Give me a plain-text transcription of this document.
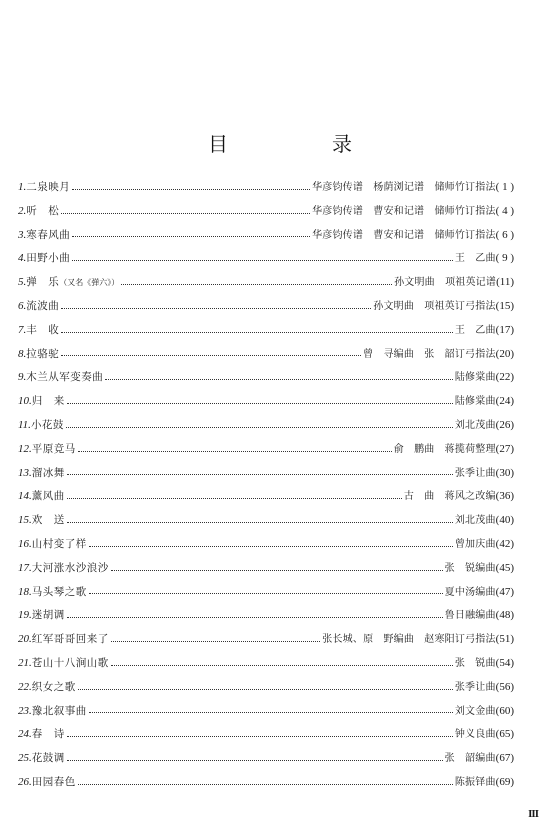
目　录
1. 二泉映月	华彦钧传谱　杨荫浏记谱　储师竹订指法 ( 1 )
2. 听　松	华彦钧传谱　曹安和记谱　储师竹订指法 ( 4 )
3. 寒春风曲	华彦钧传谱　曹安和记谱　储师竹订指法 ( 6 )
4. 田野小曲	王　乙曲 ( 9 )
5. 弹　乐 （又名《弹六》）	孙文明曲　项祖英记谱 (11)
6. 流波曲	孙文明曲　项祖英订弓指法 (15)
7. 丰　收	王　乙曲 (17)
8. 拉骆驼	曾　寻编曲　张　韶订弓指法 (20)
9. 木兰从军变奏曲	陆修棠曲 (22)
10. 归　来	陆修棠曲 (24)
11. 小花鼓	刘北茂曲 (26)
12. 平原竞马	俞　鹏曲　蒋揽荷整理 (27)
13. 溜冰舞	张季让曲 (30)
14. 薰风曲	古　曲　蒋风之改编 (36)
15. 欢　送	刘北茂曲 (40)
16. 山村变了样	曾加庆曲 (42)
17. 大河涨水沙浪沙	张　锐编曲 (45)
18. 马头琴之歌	夏中汤编曲 (47)
19. 迷胡调	鲁日融编曲 (48)
20. 红军哥哥回来了	张长城、原　野编曲　赵寒阳订弓指法 (51)
21. 苍山十八涧山歌	张　锐曲 (54)
22. 织女之歌	张季让曲 (56)
23. 豫北叙事曲	刘文金曲 (60)
24. 春　诗	钟义良曲 (65)
25. 花鼓调	张　韶编曲 (67)
26. 田园春色	陈振铎曲 (69)
III
